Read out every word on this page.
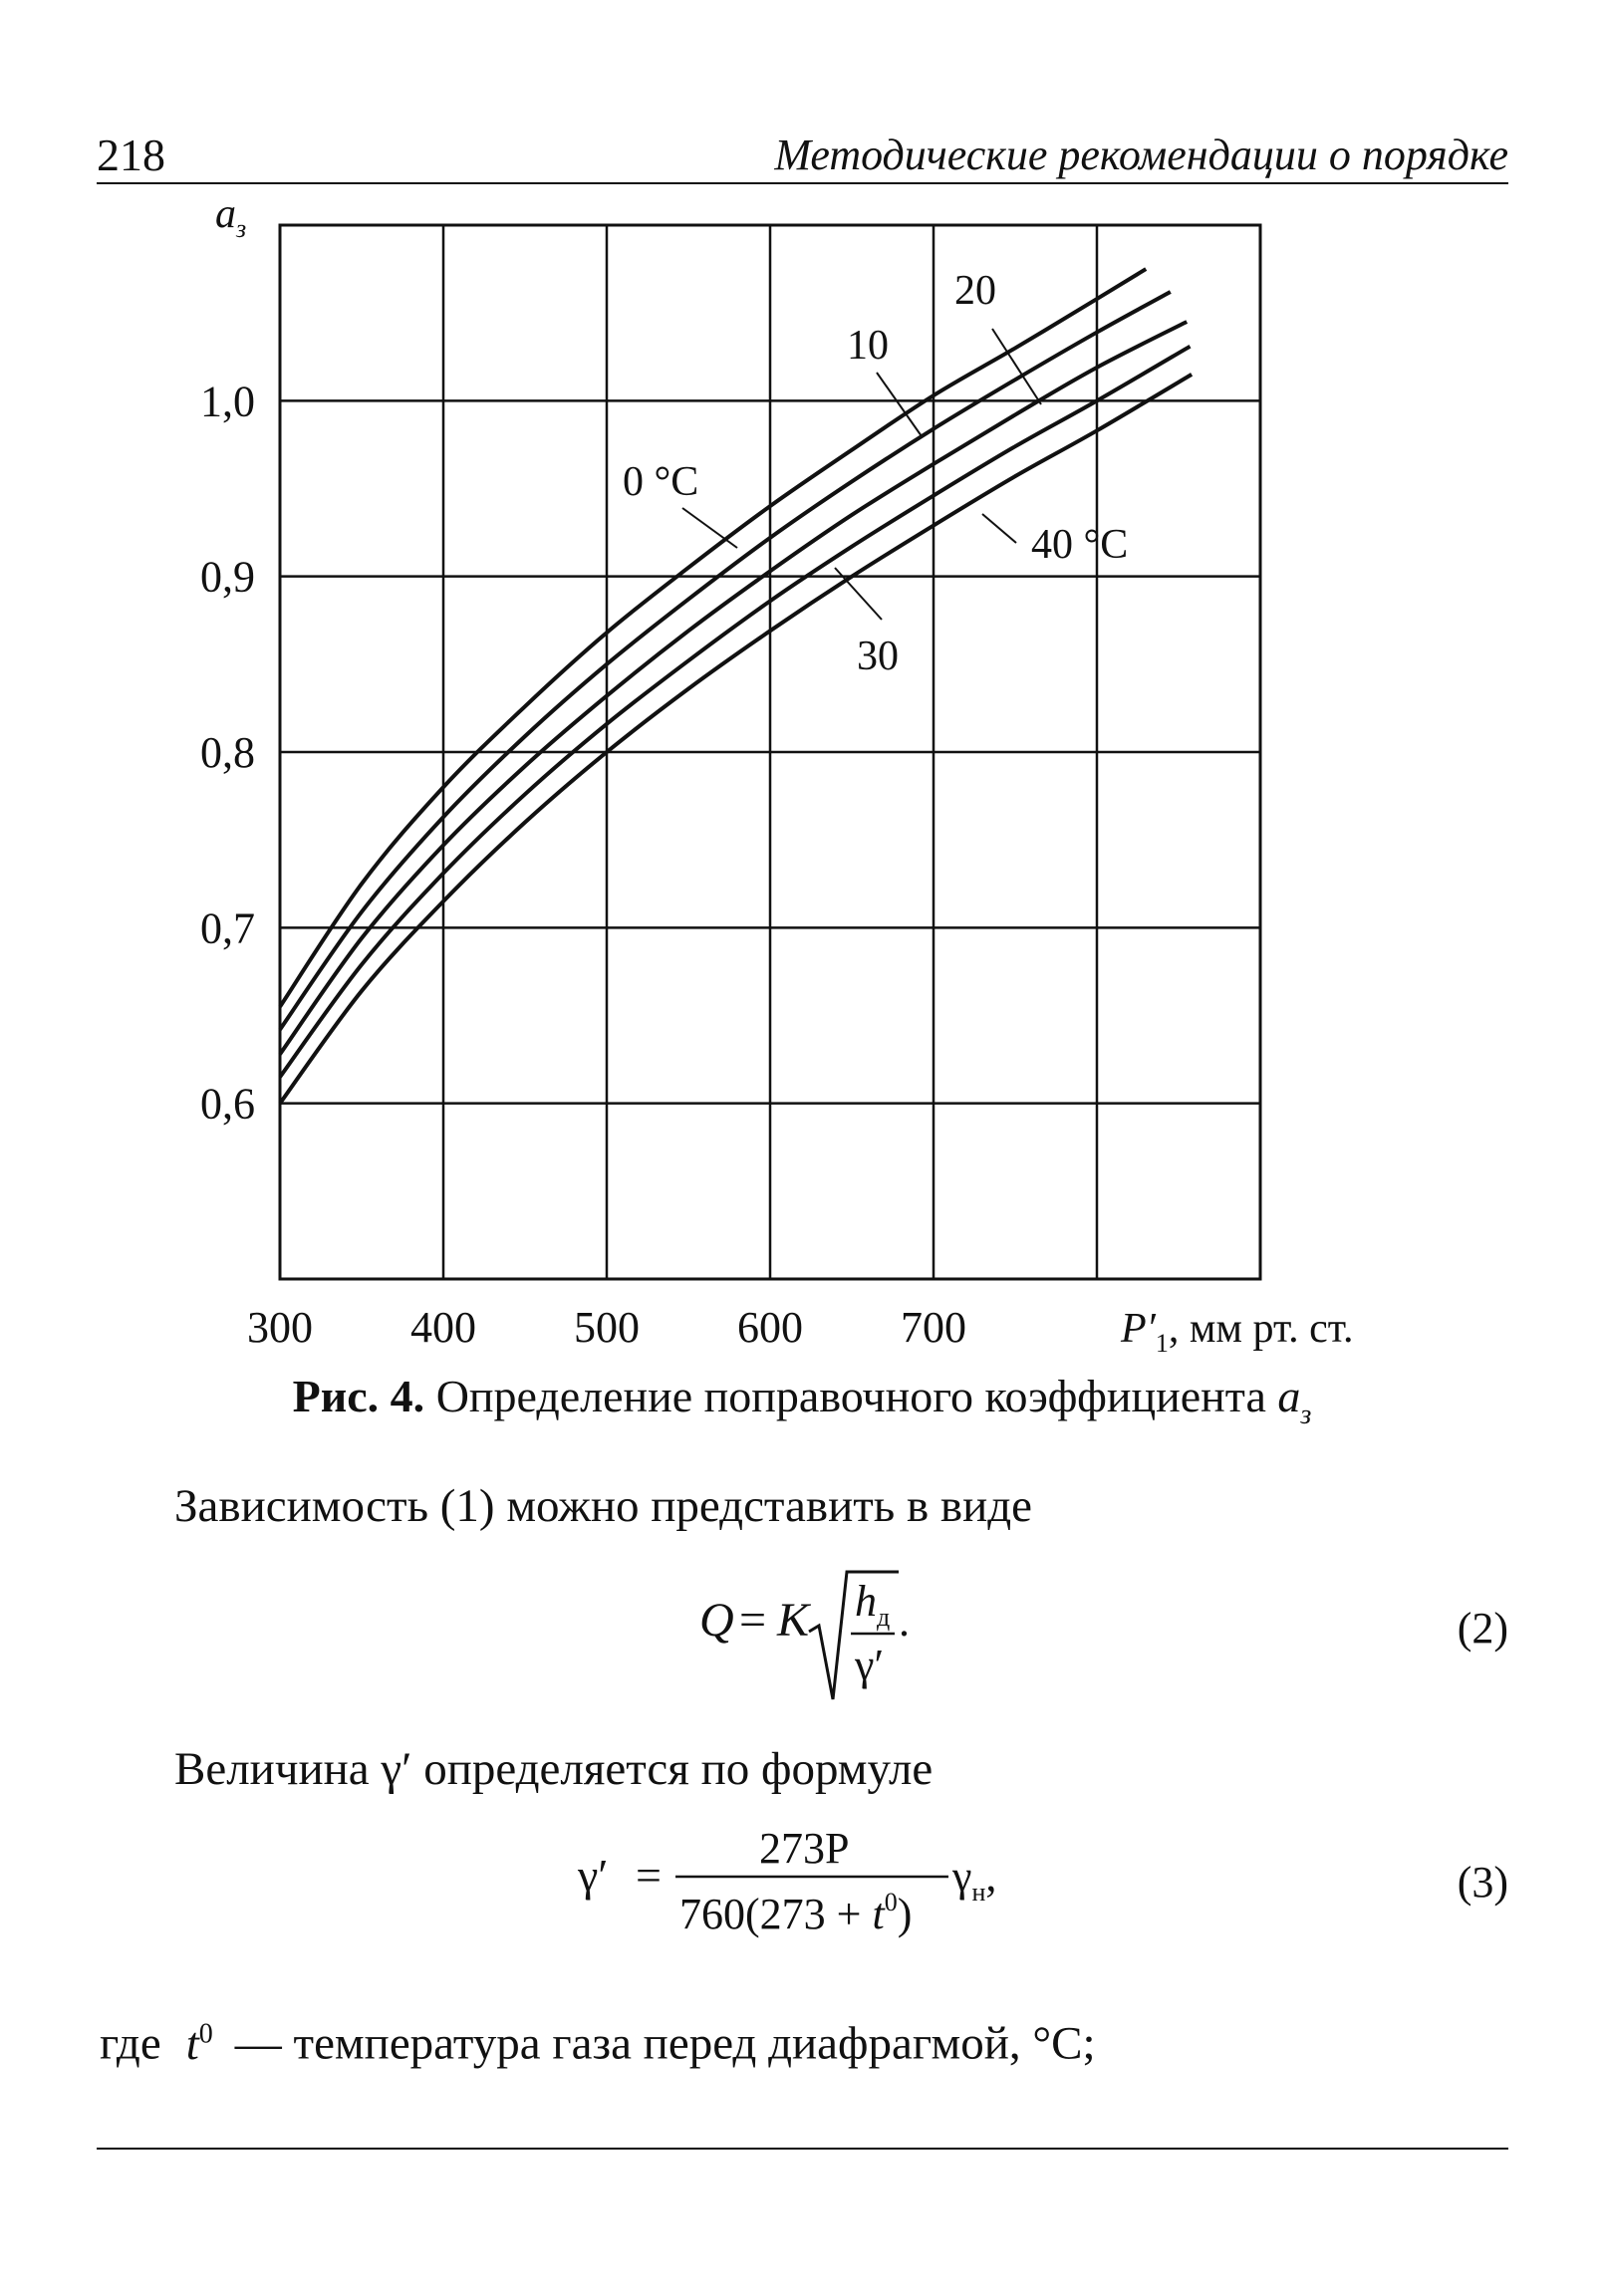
218	Методические рекомендации о порядке
$a_з$
$P'_1$, мм рт. ст.
300 400 500 600 700
0,6
0,7
0,8
0,9
1,0
0 °C
10
20
30
40 °C
Рис. 4. Определение поправочного коэффициента $a_з$
Зависимость (1) можно представить в виде
Q = K $h_д$
γ′
.	(2)
Величина γ′ определяется по формуле
γ′ =
273P
$760(273 + t^0)$
$\gamma_н$,	(3)
где $t^0$ — температура газа перед диафрагмой, °С;
